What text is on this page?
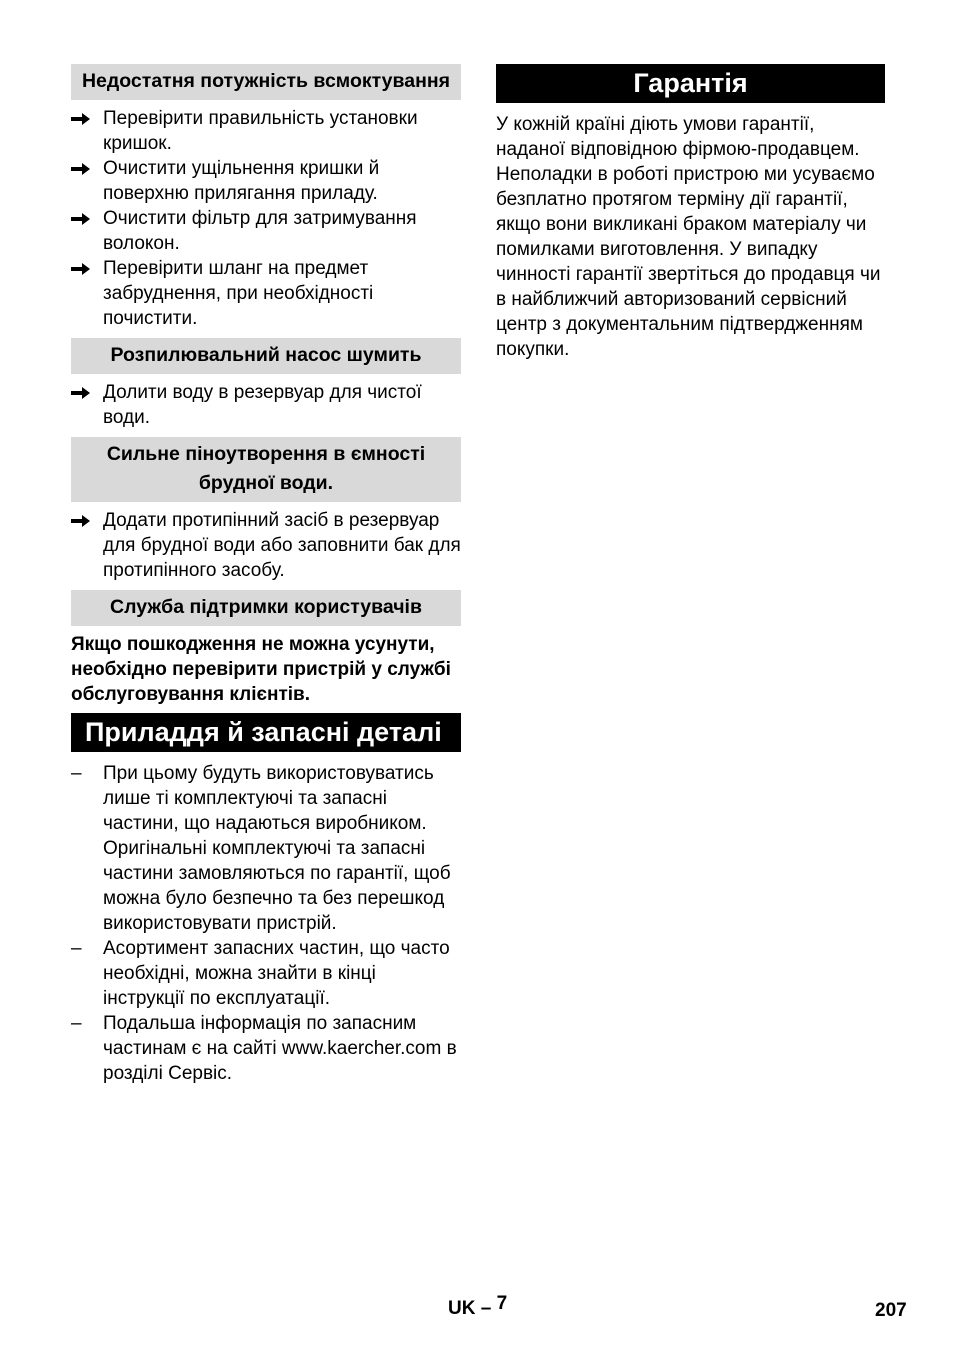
Недостатня потужність всмоктування
Перевірити правильність установки кришок.
Очистити ущільнення кришки й поверхню прилягання приладу.
Очистити фільтр для затримування волокон.
Перевірити шланг на предмет забруднення, при необхідності почистити.
Розпилювальний насос шумить
Долити воду в резервуар для чистої води.
Сильне піноутворення в ємності брудної води.
Додати протипінний засіб в резервуар для брудної води або заповнити бак для протипінного засобу.
Служба підтримки користувачів

Якщо пошкодження не можна усунути, необхідно перевірити пристрій у службі обслуговування клієнтів.

Приладдя й запасні деталі
–	При цьому будуть використовуватись лише ті комплектуючі та запасні частини, що надаються виробником. Оригінальні комплектуючі та запасні частини замовляються по гарантії, щоб можна було безпечно та без перешкод використовувати пристрій.
–	Асортимент запасних частин, що часто необхідні, можна знайти в кінці інструкції по експлуатації.
–	Подальша інформація по запасним частинам є на сайті www.kaercher.com в розділі Сервіс.
Гарантія

У кожній країні діють умови гарантії, наданої відповідною фірмою-продавцем. Неполадки в роботі пристрою ми усуваємо безплатно протягом терміну дії гарантії, якщо вони викликані браком матеріалу чи помилками виготовлення. У випадку чинності гарантії звертіться до продавця чи в найближчий авторизований сервісний центр з документальним підтвердженням покупки.

UK – 7	207
